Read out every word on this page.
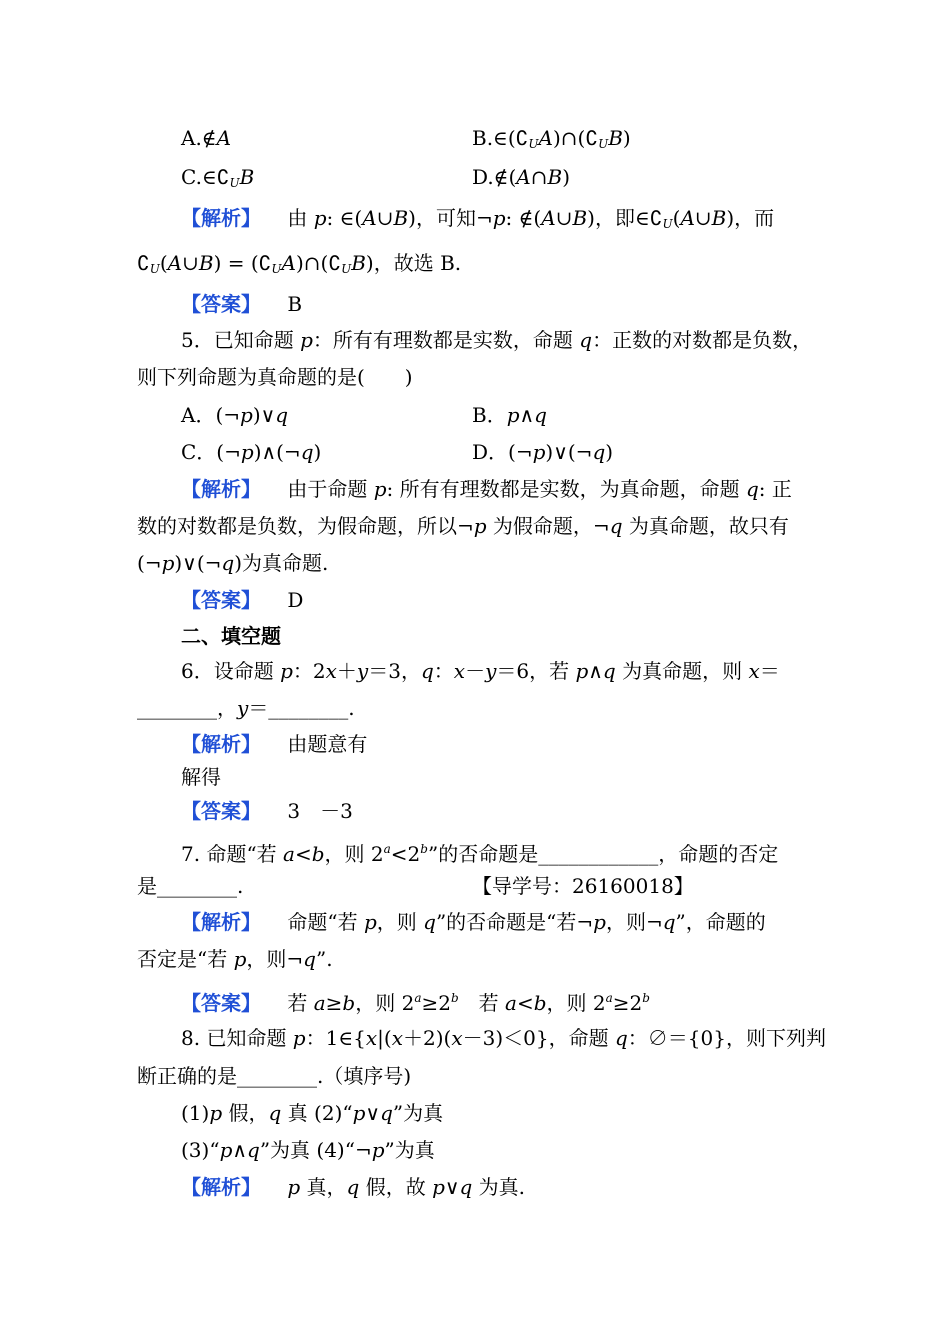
A.∉A	$B.\in(∁_UA)\cap(∁_UB)$
$C.\in∁_UB$	D.∉(A∩B)
【解析】 　由 p: ∈(A∪B)，可知¬p: ∉(A∪B)，即$\in∁_U(A\cup B)$，而
$∁_U(A\cup B)$ = $(∁_UA)\cap(∁_UB)$，故选 B.
【答案】 　 B
5．已知命题 p：所有有理数都是实数，命题 q：正数的对数都是负数，
则下列命题为真命题的是(　　)
A．(¬p)∨q	B．p∧q
C．(¬p)∧(¬q)	D．(¬p)∨(¬q)
【解析】 　由于命题 p: 所有有理数都是实数，为真命题，命题 q: 正
数的对数都是负数，为假命题，所以¬p 为假命题，¬q 为真命题，故只有
(¬p)∨(¬q)为真命题.
【答案】 　 D
二、填空题
6．设命题 p：2x＋y＝3，q：x－y＝6，若 p∧q 为真命题，则 x＝
________，y＝________.
【解析】 　 由题意有
解得
【答案】 　 3　－3
7. 命题“若 a<b，则 $2^a<2^b$”的否命题是____________，命题的否定
是________.	【导学号：26160018】
【解析】 　命题“若 p，则 q”的否命题是“若¬p，则¬q”，命题的
否定是“若 p，则¬q”.
【答案】 　若 a≥b，则 $2^a\ge 2^b$　若 a<b，则 $2^a\ge 2^b$
8. 已知命题 p：1∈{x|(x＋2)(x－3)＜0}，命题 q：∅＝{0}，则下列判
断正确的是________.（填序号)
(1)p 假，q 真 (2)“p∨q”为真
(3)“p∧q”为真 (4)“¬p”为真
【解析】 　 p 真，q 假，故 p∨q 为真.
